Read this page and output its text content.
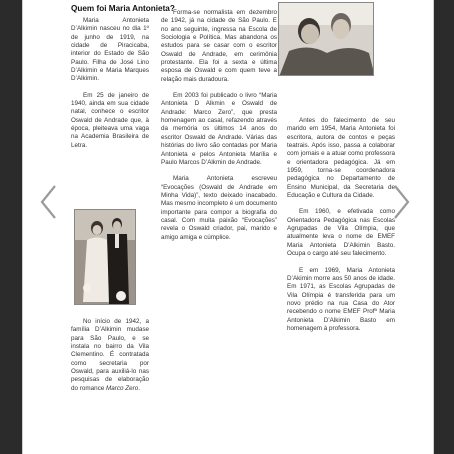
Quem foi Maria Antonieta?

Maria Antonieta D’Alkimin nasceu no dia 1º de junho de 1919, na cidade de Piracicaba, interior do Estado de São Paulo. Filha de José Lino D’Alkimin e Maria Marques D’Alkimin.

Em 25 de janeiro de 1940, ainda em sua cidade natal, conhece o escritor Oswald de Andrade que, à época, pleiteava uma vaga na Academia Brasileira de Letra.

No início de 1942, a família D’Alkimin mudase para São Paulo, e se instala no bairro da Vila Clementino. É contratada como secretaria por Oswald, para auxiliá-lo nas pesquisas de elaboração do romance Marco Zero.

Forma-se normalista em dezembro de 1942, já na cidade de São Paulo. E no ano seguinte, ingressa na Escola de Sociologia e Política. Mas abandona os estudos para se casar com o escritor Oswald de Andrade, em cerimônia protestante. Ela foi a sexta e última esposa de Oswald e com quem teve a relação mais duradoura.

Em 2003 foi publicado o livro “Maria Antonieta D Alkmin e Oswald de Andrade: Marco Zero”, que presta homenagem ao casal, refazendo através da memória os últimos 14 anos do escritor Oswald de Andrade. Várias das histórias do livro são contadas por Maria Antonieta e pelos Antonieta Marília e Paulo Marcos D’Alkmin de Andrade.

Maria Antonieta escreveu “Evocações (Oswald de Andrade em Minha Vida)”, texto deixado inacabado. Mas mesmo incompleto é um documento importante para compor a biografia do casal. Com muita paixão “Evocações” revela o Oswald criador, pai, marido e amigo amiga e cúmplice.

Antes do falecimento de seu marido em 1954, Maria Antonieta foi escritora, autora de contos e peças teatrais. Após isso, passa a colaborar com jornais e a atuar como professora e orientadora pedagógica. Já em 1959, torna-se coordenadora pedagógica no Departamento de Ensino Municipal, da Secretaria de Educação e Cultura da Cidade.

Em 1960, e efetivada como Orientadora Pedagógica nas Escolas Agrupadas de Vila Olímpia, que atualmente leva o nome de EMEF Maria Antonieta D’Alkimin Basto. Ocupa o cargo até seu falecimento.

E em 1969, Maria Antonieta D’Akimin morre aos 50 anos de idade. Em 1971, as Escolas Agrupadas de Vila Olímpia é transferida para um novo prédio na rua Casa do Ator recebendo o nome EMEF Profª Maria Antonieta D’Alkimin Basto em homenagem à professora.
